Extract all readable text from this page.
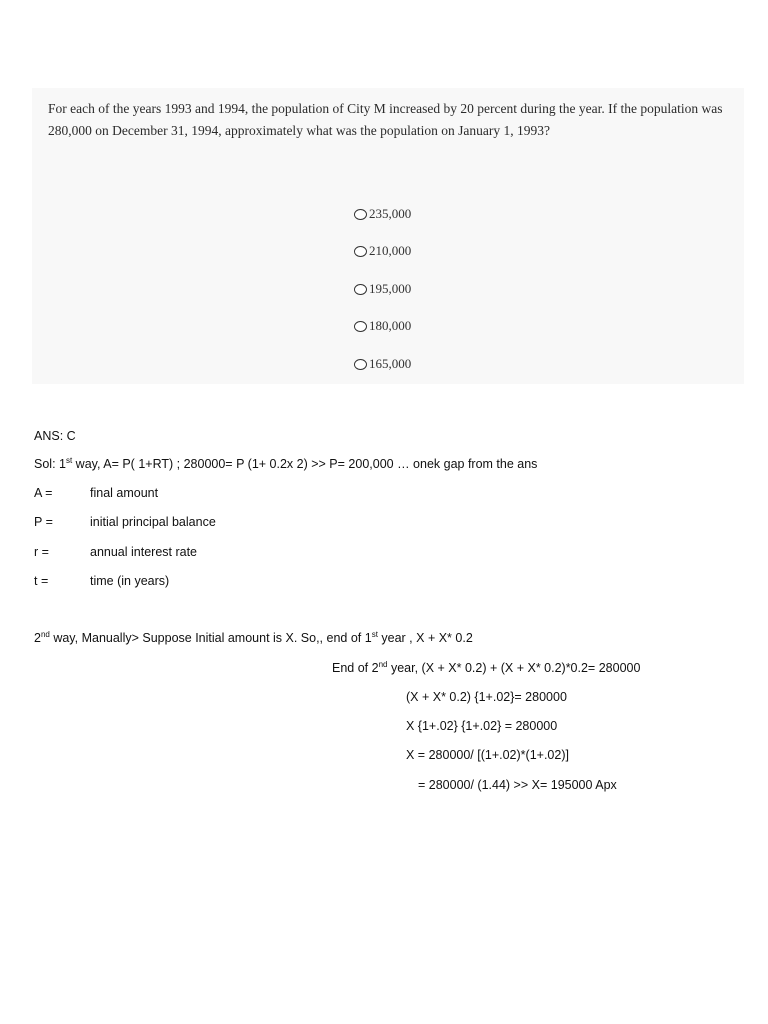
For each of the years 1993 and 1994, the population of City M increased by 20 percent during the year. If the population was 280,000 on December 31, 1994, approximately what was the population on January 1, 1993?
235,000
210,000
195,000
180,000
165,000
ANS: C
Sol: 1st way, A= P( 1+RT) ; 280000= P (1+ 0.2x 2) >> P= 200,000 … onek gap from the ans
A =	final amount
P =	initial principal balance
r =	annual interest rate
t =	time (in years)
2nd way, Manually> Suppose Initial amount is X. So,, end of 1st year , X + X* 0.2
End of 2nd year, (X + X* 0.2) + (X + X* 0.2)*0.2= 280000
(X + X* 0.2) {1+.02}= 280000
X {1+.02} {1+.02} = 280000
X = 280000/ [(1+.02)*(1+.02)]
= 280000/ (1.44) >> X= 195000 Apx
